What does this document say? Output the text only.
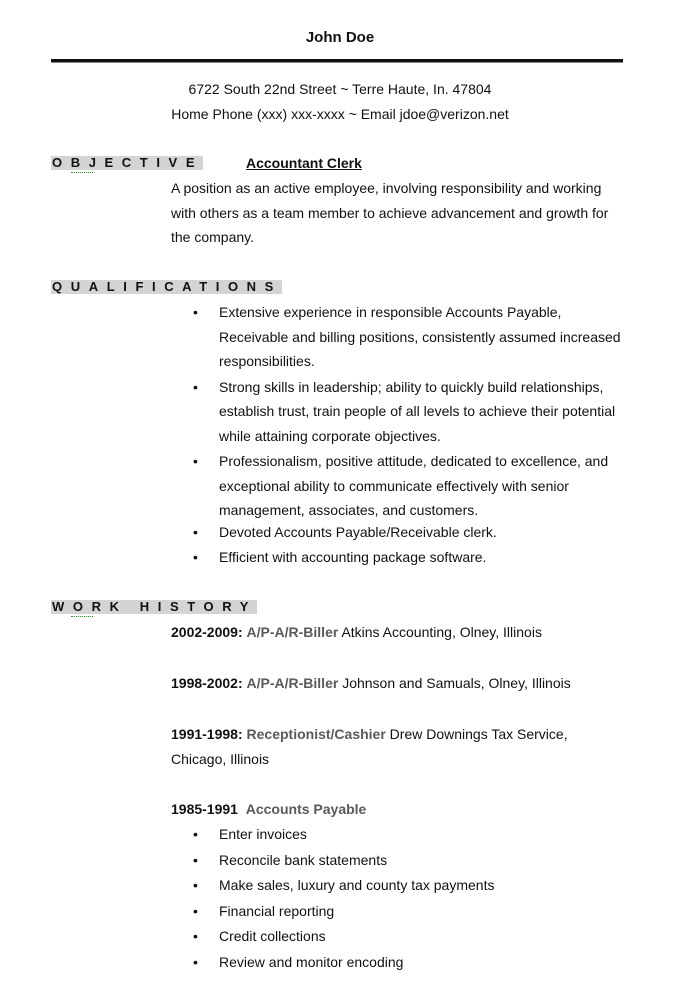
John Doe
6722 South 22nd Street ~ Terre Haute, In. 47804
Home Phone (xxx) xxx-xxxx ~ Email jdoe@verizon.net
OBJECTIVE	Accountant Clerk
A position as an active employee, involving responsibility and working with others as a team member to achieve advancement and growth for the company.
QUALIFICATIONS
• Extensive experience in responsible Accounts Payable, Receivable and billing positions, consistently assumed increased responsibilities.
• Strong skills in leadership; ability to quickly build relationships, establish trust, train people of all levels to achieve their potential while attaining corporate objectives.
• Professionalism, positive attitude, dedicated to excellence, and exceptional ability to communicate effectively with senior management, associates, and customers.
• Devoted Accounts Payable/Receivable clerk.
• Efficient with accounting package software.
WORK HISTORY
2002-2009: A/P-A/R-Biller Atkins Accounting, Olney, Illinois
1998-2002: A/P-A/R-Biller Johnson and Samuals, Olney, Illinois
1991-1998: Receptionist/Cashier Drew Downings Tax Service, Chicago, Illinois
1985-1991 Accounts Payable
• Enter invoices
• Reconcile bank statements
• Make sales, luxury and county tax payments
• Financial reporting
• Credit collections
• Review and monitor encoding
